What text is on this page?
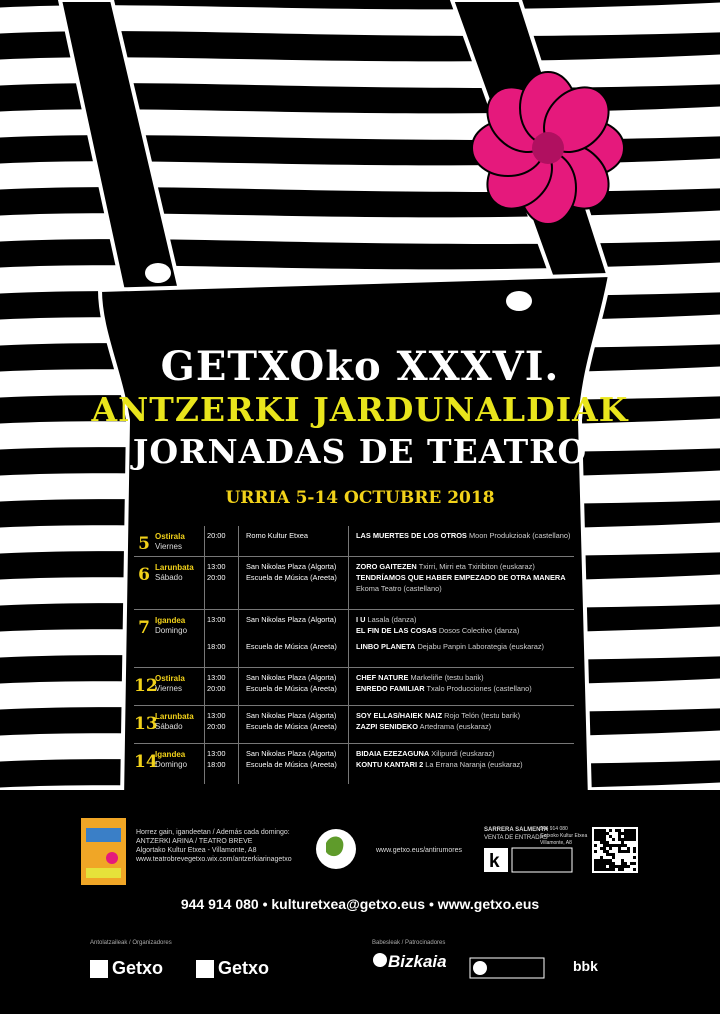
k
GETXOko XXXVI.
ANTZERKI JARDUNALDIAK
JORNADAS DE TEATRO
URRIA 5-14 OCTUBRE 2018
5 Ostirala
Viernes
20:00	Romo Kultur Etxea	LAS MUERTES DE LOS OTROS Moon Produkzioak (castellano)
6 Larunbata
Sábado
13:00	San Nikolas Plaza (Algorta)	ZORO GAITEZEN Txirri, Mirri eta Txiribiton (euskaraz)
20:00	Escuela de Música (Areeta)	TENDRÍAMOS QUE HABER EMPEZADO DE OTRA MANERA
Ekoma Teatro (castellano)
7 Igandea
Domingo
13:00	San Nikolas Plaza (Algorta)	I U Lasala (danza)
EL FIN DE LAS COSAS Dosos Colectivo (danza)
18:00	Escuela de Música (Areeta)	LINBO PLANETA Dejabu Panpin Laborategia (euskaraz)
12
Ostirala
Viernes
13:00	San Nikolas Plaza (Algorta)	CHEF NATURE Markeliñe (testu barik)
20:00	Escuela de Música (Areeta)	ENREDO FAMILIAR Txalo Producciones (castellano)
13
Larunbata
Sábado
13:00	San Nikolas Plaza (Algorta)	SOY ELLAS/HAIEK NAIZ Rojo Telón (testu barik)
20:00	Escuela de Música (Areeta)	ZAZPI SENIDEKO Artedrama (euskaraz)
14
Igandea
Domingo
13:00	San Nikolas Plaza (Algorta)	BIDAIA EZEZAGUNA Xilipurdi (euskaraz)
18:00	Escuela de Música (Areeta)	KONTU KANTARI 2 La Errana Naranja (euskaraz)
Horrez gain, igandeetan / Además cada domingo:
ANTZERKI ARINA / TEATRO BREVE
Algortako Kultur Etxea - Villamonte, A8
www.teatrobrevegetxo.wix.com/antzerkiarinagetxo
www.getxo.eus/antirumores
SARRERA SALMENTA
VENTA DE ENTRADAS
944 914 080
Getxoko Kultur Etxea
Villamonte, A8
944 914 080 • kulturetxea@getxo.eus • www.getxo.eus
Antolatzaileak / Organizadores	Babesleak / Patrocinadores
Getxo	Getxo	Bizkaia	bbk
